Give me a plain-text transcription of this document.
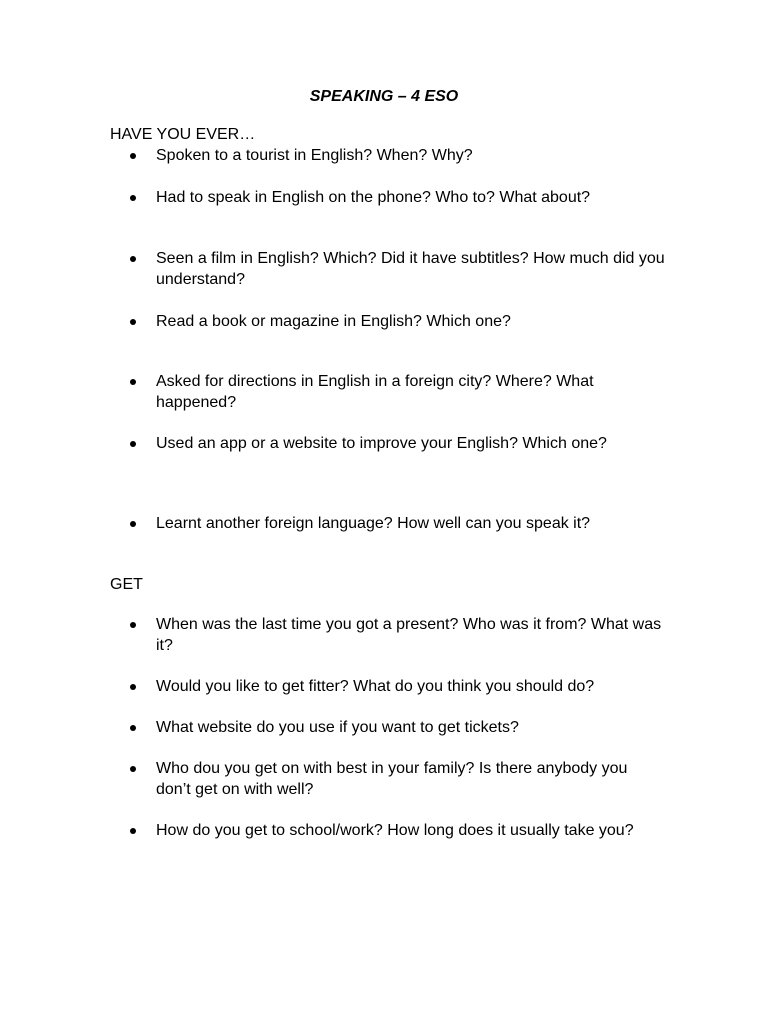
SPEAKING – 4 ESO
HAVE YOU EVER…
Spoken to a tourist in English? When? Why?
Had to speak in English on the phone? Who to? What about?
Seen a film in English? Which? Did it have subtitles? How much did you understand?
Read a book or magazine in English? Which one?
Asked for directions in English in a foreign city? Where? What happened?
Used an app or a website to improve your English? Which one?
Learnt another foreign language? How well can you speak it?
GET
When was the last time you got a present? Who was it from? What was it?
Would you like to get fitter? What do you think you should do?
What website do you use if you want to get tickets?
Who dou you get on with best in your family? Is there anybody you don’t get on with well?
How do you get to school/work? How long does it usually take you?
